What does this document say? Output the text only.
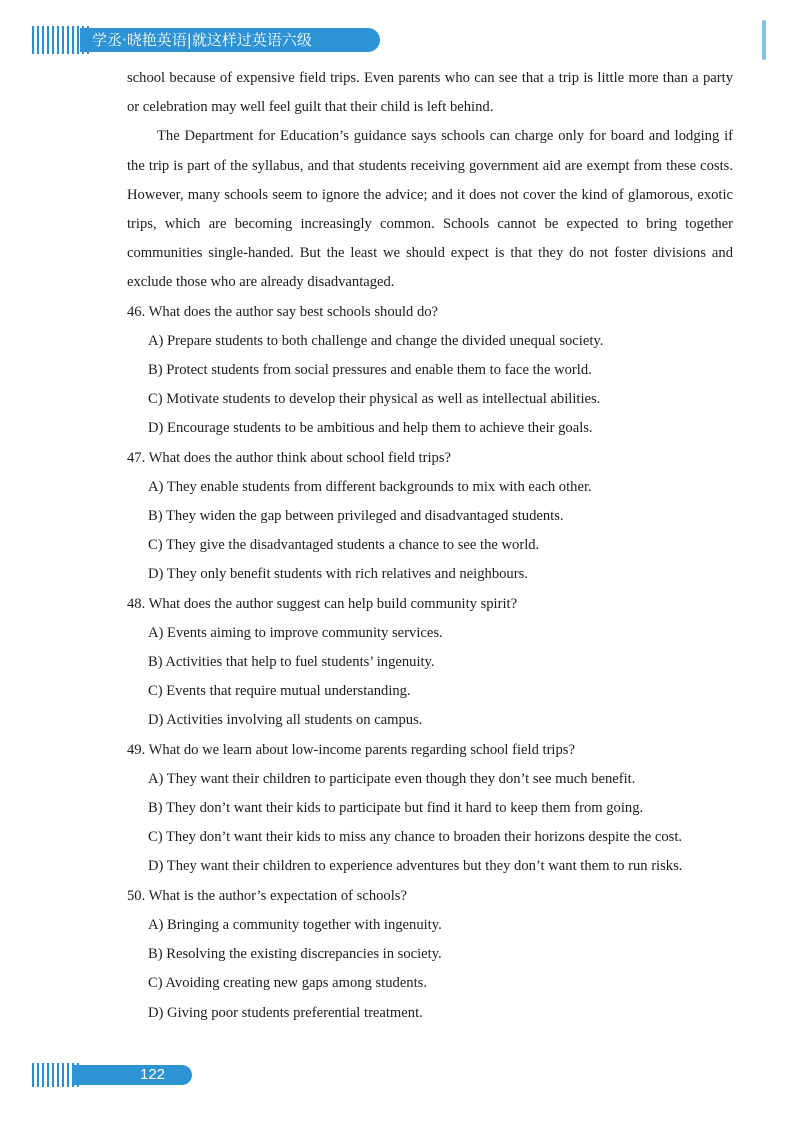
学丞·晓艳英语|就这样过英语六级

school because of expensive field trips. Even parents who can see that a trip is little more than a party or celebration may well feel guilt that their child is left behind.

The Department for Education’s guidance says schools can charge only for board and lodging if the trip is part of the syllabus, and that students receiving government aid are exempt from these costs. However, many schools seem to ignore the advice; and it does not cover the kind of glamorous, exotic trips, which are becoming increasingly common. Schools cannot be expected to bring together communities single-handed. But the least we should expect is that they do not foster divisions and exclude those who are already disadvantaged.

46. What does the author say best schools should do?
A) Prepare students to both challenge and change the divided unequal society.
B) Protect students from social pressures and enable them to face the world.
C) Motivate students to develop their physical as well as intellectual abilities.
D) Encourage students to be ambitious and help them to achieve their goals.
47. What does the author think about school field trips?
A) They enable students from different backgrounds to mix with each other.
B) They widen the gap between privileged and disadvantaged students.
C) They give the disadvantaged students a chance to see the world.
D) They only benefit students with rich relatives and neighbours.
48. What does the author suggest can help build community spirit?
A) Events aiming to improve community services.
B) Activities that help to fuel students’ ingenuity.
C) Events that require mutual understanding.
D) Activities involving all students on campus.
49. What do we learn about low-income parents regarding school field trips?
A) They want their children to participate even though they don’t see much benefit.
B) They don’t want their kids to participate but find it hard to keep them from going.
C) They don’t want their kids to miss any chance to broaden their horizons despite the cost.
D) They want their children to experience adventures but they don’t want them to run risks.
50. What is the author’s expectation of schools?
A) Bringing a community together with ingenuity.
B) Resolving the existing discrepancies in society.
C) Avoiding creating new gaps among students.
D) Giving poor students preferential treatment.
122
